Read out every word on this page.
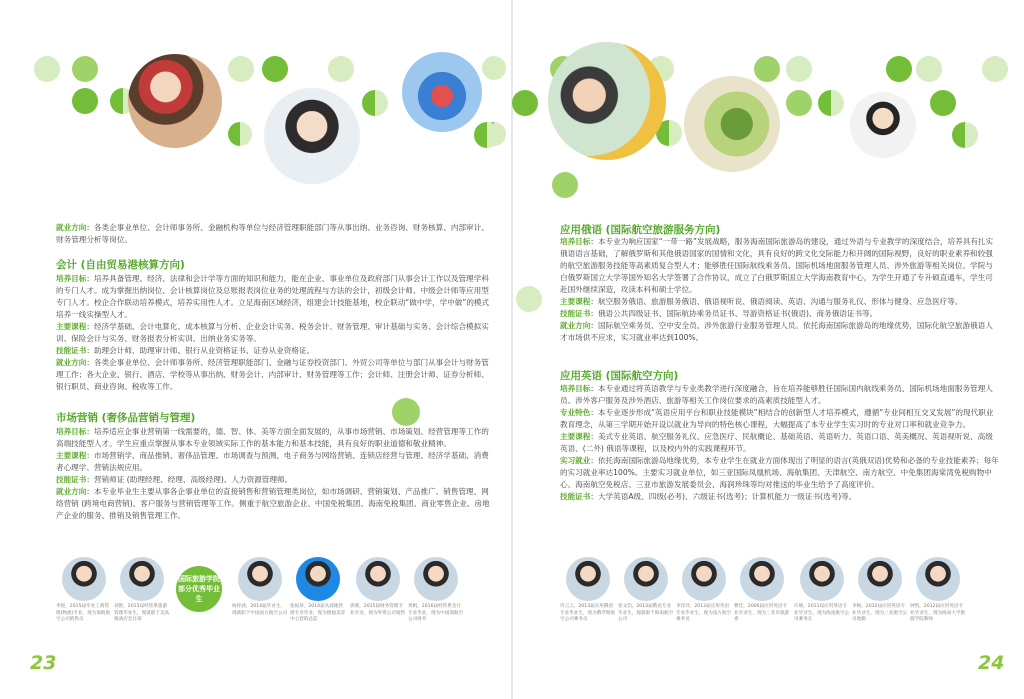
就业方向：各类企事业单位、会计师事务所、金融机构等单位与经济管理职能部门等从事出纳、业务咨询、财务核算、内部审计、财务管理分析等岗位。

会计 (自由贸易港核算方向)

培养目标：培养具备管理、经济、法律和会计学等方面的知识和能力，能在企业、事业单位及政府部门从事会计工作以及管理学科的专门人才。成为掌握出纳岗位、会计核算岗位及总账报表岗位业务的处理流程与方法的会计，初级会计师、中级会计师等应用型专门人才。校企合作联动培养模式，培养实用性人才。立足海南区域经济，组建会计技能基地，校企联动“做中学，学中做”的模式培养一线实操型人才。

主要课程：经济学基础、会计电算化、成本核算与分析、企业会计实务、税务会计、财务管理、审计基础与实务、会计综合模拟实训、保险会计与实务、财务报表分析实训、出纳业务实务等。

技能证书：助理会计师、助理审计师、银行从业资格证书、证券从业资格证。

就业方向：各类企事业单位、会计师事务所、经济管理职能部门、金融与证券投资部门、外贸公司等单位与部门从事会计与财务管理工作；各大企业、银行、酒店、学校等从事出纳、财务会计、内部审计、财务管理等工作；会计师、注册会计师、证券分析师、银行职员、商业咨询、税收等工作。

市场营销 (奢侈品营销与管理)

培养目标：培养适应企事业营销第一线需要的，德、智、体、美等方面全面发展的，从事市场营销、市场策划、经营管理等工作的高端技能型人才。学生应重点掌握从事本专业领域实际工作的基本能力和基本技能，具有良好的职业道德和敬业精神。

主要课程：市场营销学、商品推销、奢侈品管理、市场调查与预测、电子商务与网络营销、连锁店经营与管理、经济学基础、消费者心理学、营销法规应用。

技能证书：营销师证 (助理经理、经理、高级经理)、人力资源管理师。

就业方向：本专业毕业生主要从事各企事业单位的直接销售和营销管理类岗位，如市场调研、营销策划、产品推广、销售管理、网络营销 (跨境电商营销)、客户服务与营销管理等工作。侧重于航空旅游企业、中国免税集团、海南免税集团、商业零售企业、房地产企业的服务、推销及销售管理工作。

李悦，2015届毕业工商管理(物流)专业，现为海航航空公司销售员
刘艳，2015届经管系旅游管理毕业生，现就职于美高梅酒店会计部
国际旅游学院部分优秀毕业生
杨梓涵，2014届毕业生，现就职于中国南方航空公司
张振珍，2014届从商地管理专业毕业，现为德福美容中心营销总监
郭燕，2015届财务管理专业毕业，现为外资公司销售
黄帆，2016届经管系会计专业毕业，现为中国商航空公司财务
23
应用俄语 (国际航空旅游服务方向)

培养目标：本专业为响应国家“一带一路”发展战略，服务海南国际旅游岛的建设，通过外语与专业教学的深度结合，培养具有扎实俄语语言基础，了解俄罗斯和其他俄语国家的国情和文化，具有良好的跨文化交际能力和开阔的国际视野，良好的职业素养和较强的航空旅游服务技能等高素质复合型人才；能够胜任国际航线乘务员、国际机场地面服务管理人员、涉外旅游等相关岗位。学院与白俄罗斯国立大学等国外知名大学签署了合作协议，成立了白俄罗斯国立大学海南教育中心，为学生开通了专升硕直通车，学生可赴国外继续深造，攻读本科和硕士学位。

主要课程：航空服务俄语、旅游服务俄语、俄语视听说、俄语阅读、英语、沟通与服务礼仪、形体与健身、应急医疗等。

技能证书：俄语公共四级证书、国际航协乘务员证书、导游资格证书(俄语)、商务俄语证书等。

就业方向：国际航空乘务员、空中安全员、涉外旅游行业服务管理人员。依托海南国际旅游岛的地缘优势，国际化航空旅游俄语人才市场供不应求，实习就业率达到100%。

应用英语 (国际航空方向)

培养目标：本专业通过将英语教学与专业类教学进行深度融合，旨在培养能够胜任国际国内航线乘务员、国际机场地面服务管理人员、涉外客户服务及涉外酒店、旅游等相关工作岗位要求的高素质技能型人才。

专业特色：本专业逐步形成“英语应用平台和职业技能模块”相结合的创新型人才培养模式，遵循“专业间相互交叉发展”的现代职业教育理念，从第三学期开始开设以就业为导向的特色核心课程，大幅提高了本专业学生实习时的专业对口率和就业竞争力。

主要课程：美式专业英语、航空服务礼仪、应急医疗、民航概论、基础英语、英语听力、英语口语、英美概况、英语视听说、高级英语、(二外) 俄语等课程，以及校内外的实践课程环节。

实习就业：依托海南国际旅游岛地缘优势，本专业学生在就业方面体现出了明显的语言(英俄双语)优势和必备的专业技能素养；每年的实习就业率达100%。主要实习就业单位，如三亚国际凤凰机场、海航集团、天津航空、南方航空、中免集团海棠湾免税购物中心、海南航空免税店、三亚市旅游发展委员会、海润珍珠等均对推送的毕业生给予了高度评价。

技能证书：大学英语A级、四级(必考)、六级证书(选考)；计算机能力一级证书(选考)等。

符云云，2013届应用俄语专业毕业生，现为俄罗斯航空公司乘务员
张文钧，2013届俄语专业毕业生，现就职于海南航空公司
李洋洋，2013届应用英语专业毕业生，现为南方航空乘务员
曹佳，2006届应用英语专业毕业生，现为三亚市旅游委
许晴，2011届应用英语专业毕业生，现为海南航空公司乘务长
李梅，2012届应用英语专业毕业生，现为三亚航空公司地勤
钟凯，2012届应用英语专业毕业生，现为海南大学旅游学院教师
24
